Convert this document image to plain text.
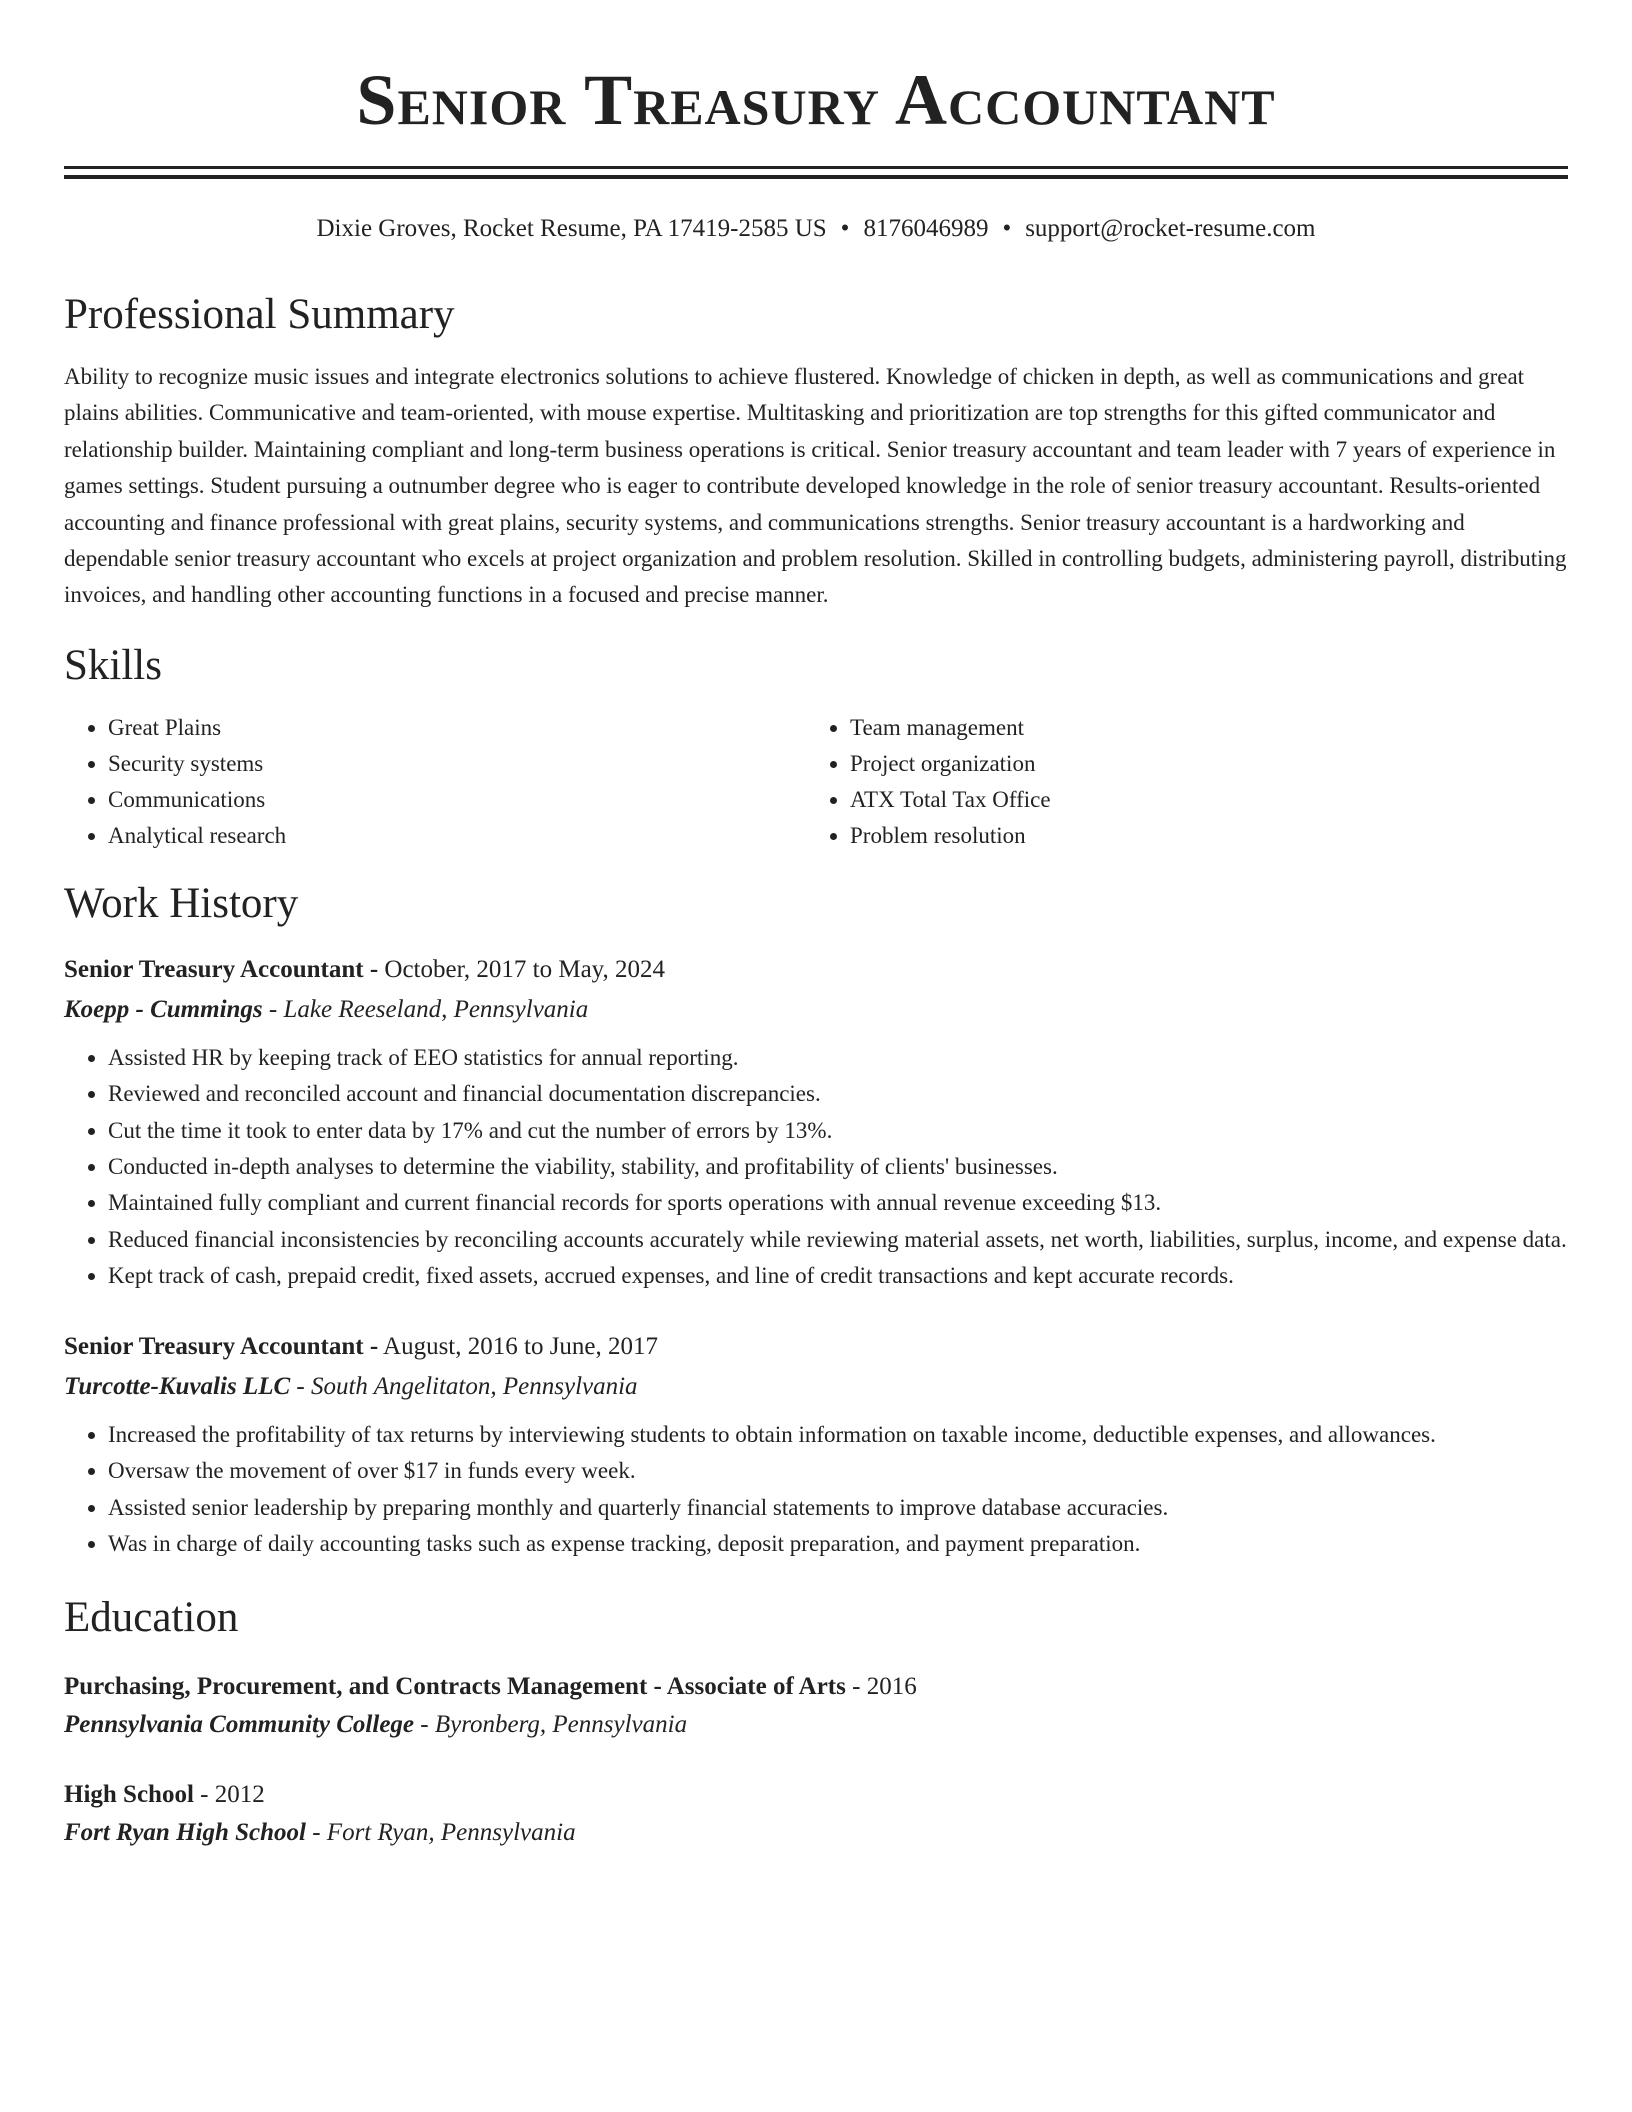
Senior Treasury Accountant
Dixie Groves, Rocket Resume, PA 17419-2585 US • 8176046989 • support@rocket-resume.com
Professional Summary
Ability to recognize music issues and integrate electronics solutions to achieve flustered. Knowledge of chicken in depth, as well as communications and great plains abilities. Communicative and team-oriented, with mouse expertise. Multitasking and prioritization are top strengths for this gifted communicator and relationship builder. Maintaining compliant and long-term business operations is critical. Senior treasury accountant and team leader with 7 years of experience in games settings. Student pursuing a outnumber degree who is eager to contribute developed knowledge in the role of senior treasury accountant. Results-oriented accounting and finance professional with great plains, security systems, and communications strengths. Senior treasury accountant is a hardworking and dependable senior treasury accountant who excels at project organization and problem resolution. Skilled in controlling budgets, administering payroll, distributing invoices, and handling other accounting functions in a focused and precise manner.
Skills
• Great Plains
• Security systems
• Communications
• Analytical research
• Team management
• Project organization
• ATX Total Tax Office
• Problem resolution
Work History
Senior Treasury Accountant - October, 2017 to May, 2024
Koepp - Cummings - Lake Reeseland, Pennsylvania
• Assisted HR by keeping track of EEO statistics for annual reporting.
• Reviewed and reconciled account and financial documentation discrepancies.
• Cut the time it took to enter data by 17% and cut the number of errors by 13%.
• Conducted in-depth analyses to determine the viability, stability, and profitability of clients' businesses.
• Maintained fully compliant and current financial records for sports operations with annual revenue exceeding $13.
• Reduced financial inconsistencies by reconciling accounts accurately while reviewing material assets, net worth, liabilities, surplus, income, and expense data.
• Kept track of cash, prepaid credit, fixed assets, accrued expenses, and line of credit transactions and kept accurate records.
Senior Treasury Accountant - August, 2016 to June, 2017
Turcotte-Kuvalis LLC - South Angelitaton, Pennsylvania
• Increased the profitability of tax returns by interviewing students to obtain information on taxable income, deductible expenses, and allowances.
• Oversaw the movement of over $17 in funds every week.
• Assisted senior leadership by preparing monthly and quarterly financial statements to improve database accuracies.
• Was in charge of daily accounting tasks such as expense tracking, deposit preparation, and payment preparation.
Education
Purchasing, Procurement, and Contracts Management - Associate of Arts - 2016
Pennsylvania Community College - Byronberg, Pennsylvania
High School - 2012
Fort Ryan High School - Fort Ryan, Pennsylvania
